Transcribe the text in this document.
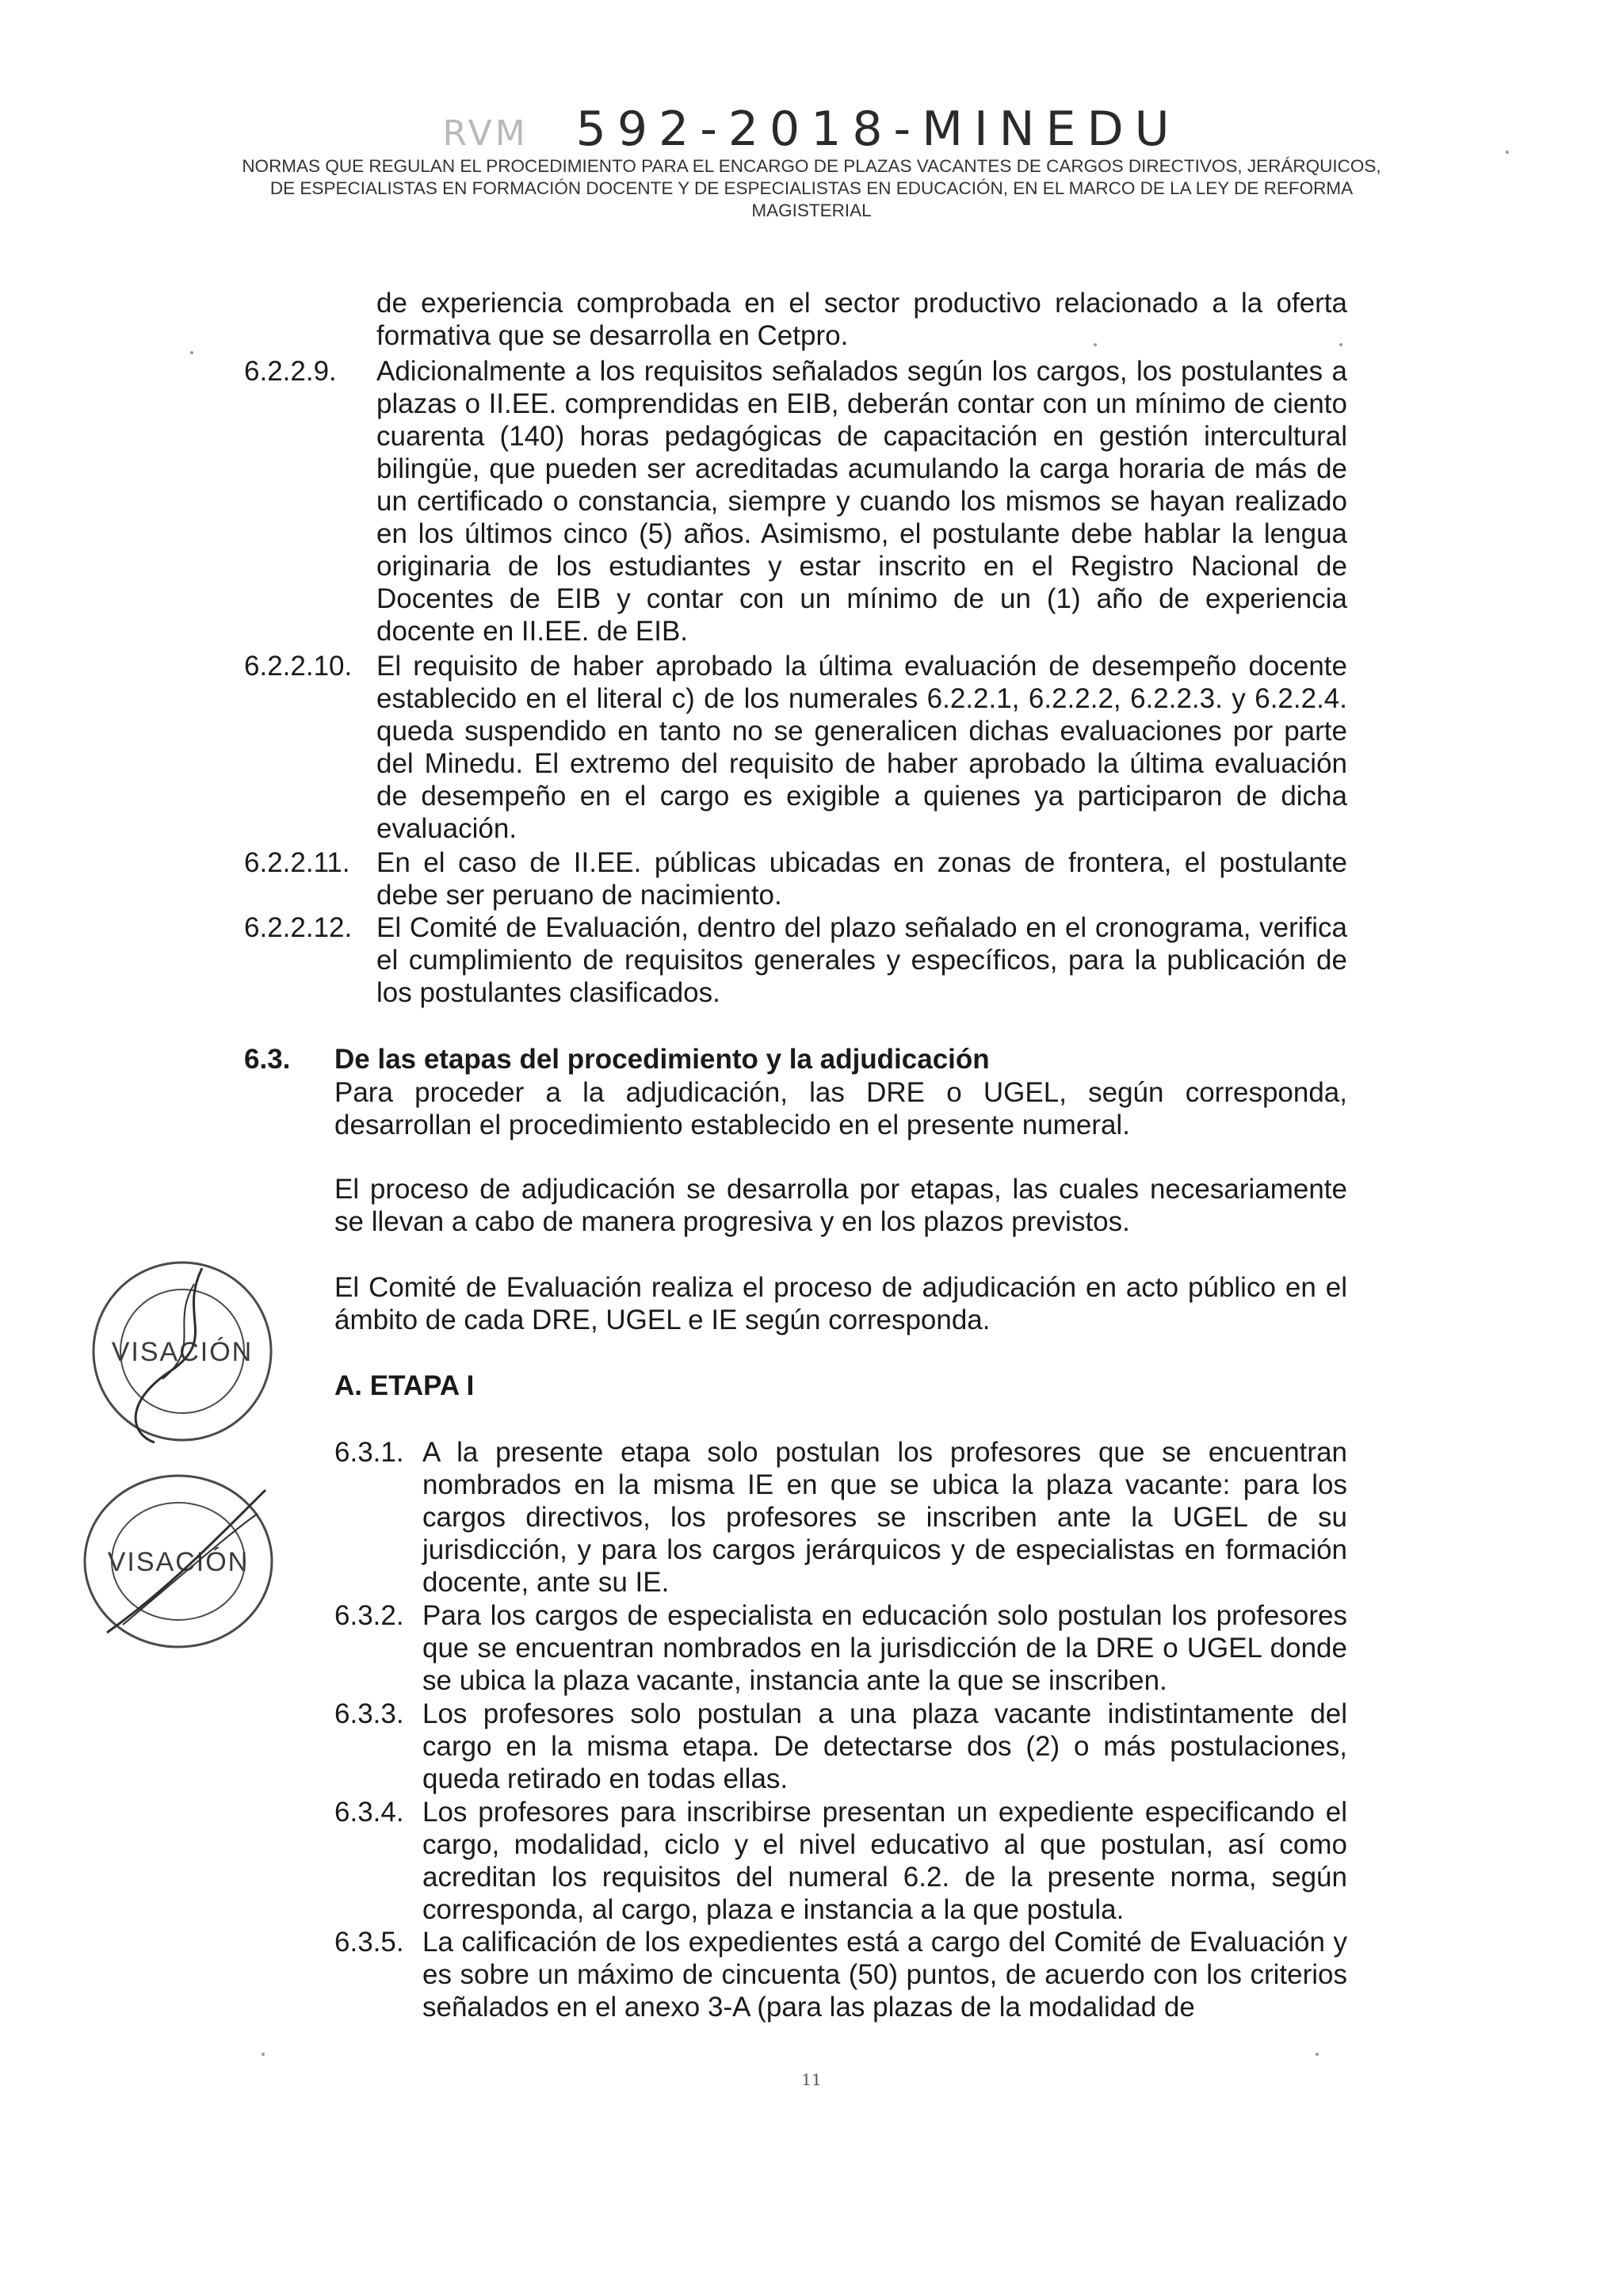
RVM 592-2018-MINEDU
NORMAS QUE REGULAN EL PROCEDIMIENTO PARA EL ENCARGO DE PLAZAS VACANTES DE CARGOS DIRECTIVOS, JERÁRQUICOS, DE ESPECIALISTAS EN FORMACIÓN DOCENTE Y DE ESPECIALISTAS EN EDUCACIÓN, EN EL MARCO DE LA LEY DE REFORMA MAGISTERIAL
de experiencia comprobada en el sector productivo relacionado a la oferta formativa que se desarrolla en Cetpro.
6.2.2.9. Adicionalmente a los requisitos señalados según los cargos, los postulantes a plazas o II.EE. comprendidas en EIB, deberán contar con un mínimo de ciento cuarenta (140) horas pedagógicas de capacitación en gestión intercultural bilingüe, que pueden ser acreditadas acumulando la carga horaria de más de un certificado o constancia, siempre y cuando los mismos se hayan realizado en los últimos cinco (5) años. Asimismo, el postulante debe hablar la lengua originaria de los estudiantes y estar inscrito en el Registro Nacional de Docentes de EIB y contar con un mínimo de un (1) año de experiencia docente en II.EE. de EIB.
6.2.2.10. El requisito de haber aprobado la última evaluación de desempeño docente establecido en el literal c) de los numerales 6.2.2.1, 6.2.2.2, 6.2.2.3. y 6.2.2.4. queda suspendido en tanto no se generalicen dichas evaluaciones por parte del Minedu. El extremo del requisito de haber aprobado la última evaluación de desempeño en el cargo es exigible a quienes ya participaron de dicha evaluación.
6.2.2.11. En el caso de II.EE. públicas ubicadas en zonas de frontera, el postulante debe ser peruano de nacimiento.
6.2.2.12. El Comité de Evaluación, dentro del plazo señalado en el cronograma, verifica el cumplimiento de requisitos generales y específicos, para la publicación de los postulantes clasificados.
6.3. De las etapas del procedimiento y la adjudicación
Para proceder a la adjudicación, las DRE o UGEL, según corresponda, desarrollan el procedimiento establecido en el presente numeral.
El proceso de adjudicación se desarrolla por etapas, las cuales necesariamente se llevan a cabo de manera progresiva y en los plazos previstos.
El Comité de Evaluación realiza el proceso de adjudicación en acto público en el ámbito de cada DRE, UGEL e IE según corresponda.
A. ETAPA I
6.3.1. A la presente etapa solo postulan los profesores que se encuentran nombrados en la misma IE en que se ubica la plaza vacante: para los cargos directivos, los profesores se inscriben ante la UGEL de su jurisdicción, y para los cargos jerárquicos y de especialistas en formación docente, ante su IE.
6.3.2. Para los cargos de especialista en educación solo postulan los profesores que se encuentran nombrados en la jurisdicción de la DRE o UGEL donde se ubica la plaza vacante, instancia ante la que se inscriben.
6.3.3. Los profesores solo postulan a una plaza vacante indistintamente del cargo en la misma etapa. De detectarse dos (2) o más postulaciones, queda retirado en todas ellas.
6.3.4. Los profesores para inscribirse presentan un expediente especificando el cargo, modalidad, ciclo y el nivel educativo al que postulan, así como acreditan los requisitos del numeral 6.2. de la presente norma, según corresponda, al cargo, plaza e instancia a la que postula.
6.3.5. La calificación de los expedientes está a cargo del Comité de Evaluación y es sobre un máximo de cincuenta (50) puntos, de acuerdo con los criterios señalados en el anexo 3-A (para las plazas de la modalidad de
VISACIÓN
VISACIÓN
11
